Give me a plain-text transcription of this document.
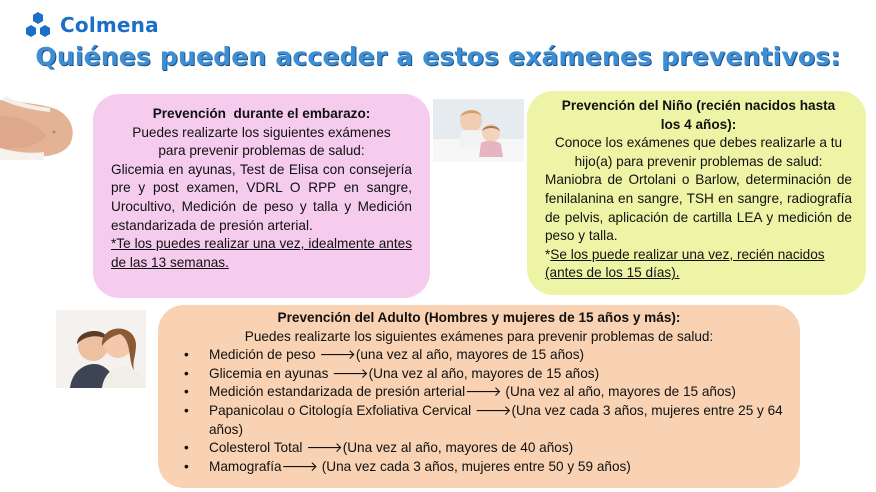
Colmena
Quiénes pueden acceder a estos exámenes preventivos:
Prevención  durante el embarazo:
Puedes realizarte los siguientes exámenes
para prevenir problemas de salud:
Glicemia en ayunas, Test de Elisa con consejería pre y post examen, VDRL O RPP en sangre, Urocultivo, Medición de peso y talla y Medición estandarizada de presión arterial.
*Te los puedes realizar una vez, idealmente antes de las 13 semanas.
Prevención del Niño (recién nacidos hasta los 4 años):
Conoce los exámenes que debes realizarle a tu hijo(a) para prevenir problemas de salud:
Maniobra de Ortolani o Barlow, determinación de fenilalanina en sangre, TSH en sangre, radiografía de pelvis, aplicación de cartilla LEA y medición de peso y talla.
*Se los puede realizar una vez, recién nacidos (antes de los 15 días).
Prevención del Adulto (Hombres y mujeres de 15 años y más):
Puedes realizarte los siguientes exámenes para prevenir problemas de salud:
• Medición de peso 🡒(una vez al año, mayores de 15 años)
• Glicemia en ayunas 🡒(Una vez al año, mayores de 15 años)
• Medición estandarizada de presión arterial🡒 (Una vez al año, mayores de 15 años)
• Papanicolau o Citología Exfoliativa Cervical 🡒(Una vez cada 3 años, mujeres entre 25 y 64 años)
• Colesterol Total 🡒(Una vez al año, mayores de 40 años)
• Mamografía🡒 (Una vez cada 3 años, mujeres entre 50 y 59 años)
